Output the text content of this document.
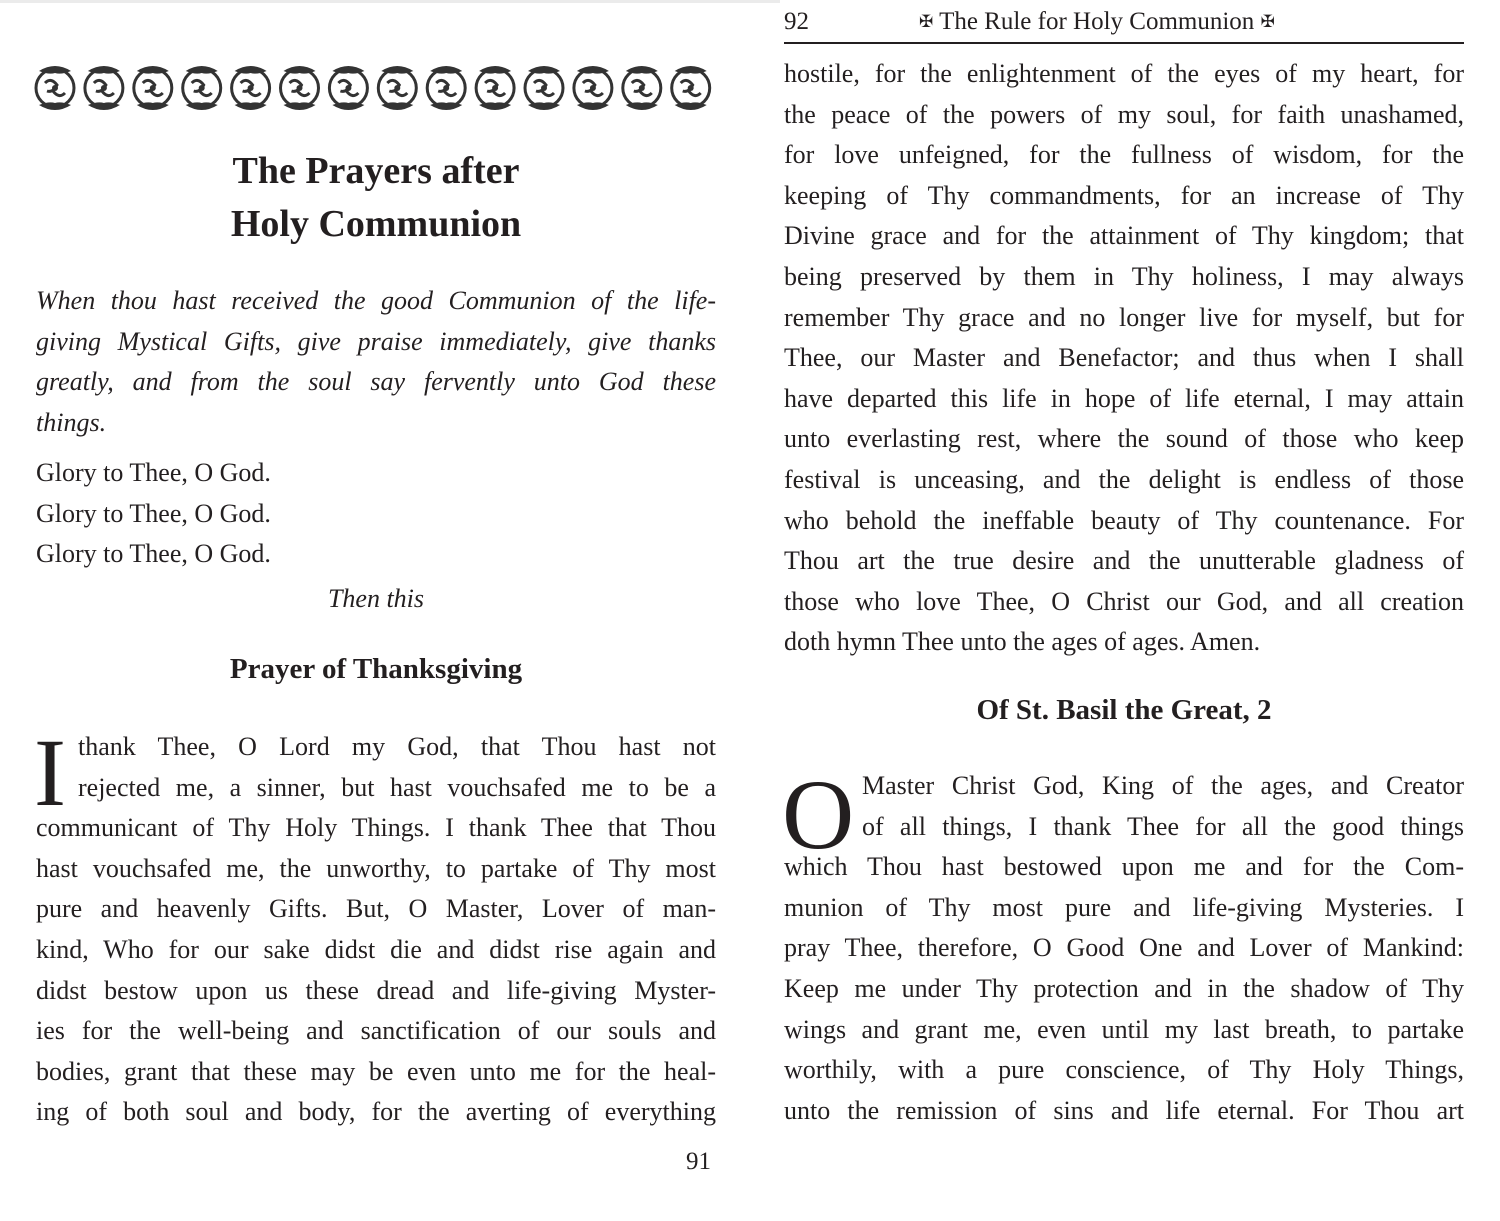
The Prayers after
Holy Communion
When thou hast received the good Communion of the life-
giving Mystical Gifts, give praise immediately, give thanks
greatly, and from the soul say fervently unto God these
things.
Glory to Thee, O God.
Glory to Thee, O God.
Glory to Thee, O God.
Then this
Prayer of Thanksgiving
I thank Thee, O Lord my God, that Thou hast not
rejected me, a sinner, but hast vouchsafed me to be a
communicant of Thy Holy Things. I thank Thee that Thou
hast vouchsafed me, the unworthy, to partake of Thy most
pure and heavenly Gifts. But, O Master, Lover of man-
kind, Who for our sake didst die and didst rise again and
didst bestow upon us these dread and life-giving Myster-
ies for the well-being and sanctification of our souls and
bodies, grant that these may be even unto me for the heal-
ing of both soul and body, for the averting of everything
91
92	✠ The Rule for Holy Communion ✠
hostile, for the enlightenment of the eyes of my heart, for
the peace of the powers of my soul, for faith unashamed,
for love unfeigned, for the fullness of wisdom, for the
keeping of Thy commandments, for an increase of Thy
Divine grace and for the attainment of Thy kingdom; that
being preserved by them in Thy holiness, I may always
remember Thy grace and no longer live for myself, but for
Thee, our Master and Benefactor; and thus when I shall
have departed this life in hope of life eternal, I may attain
unto everlasting rest, where the sound of those who keep
festival is unceasing, and the delight is endless of those
who behold the ineffable beauty of Thy countenance. For
Thou art the true desire and the unutterable gladness of
those who love Thee, O Christ our God, and all creation
doth hymn Thee unto the ages of ages. Amen.
Of St. Basil the Great, 2
O Master Christ God, King of the ages, and Creator
of all things, I thank Thee for all the good things
which Thou hast bestowed upon me and for the Com-
munion of Thy most pure and life-giving Mysteries. I
pray Thee, therefore, O Good One and Lover of Mankind:
Keep me under Thy protection and in the shadow of Thy
wings and grant me, even until my last breath, to partake
worthily, with a pure conscience, of Thy Holy Things,
unto the remission of sins and life eternal. For Thou art
